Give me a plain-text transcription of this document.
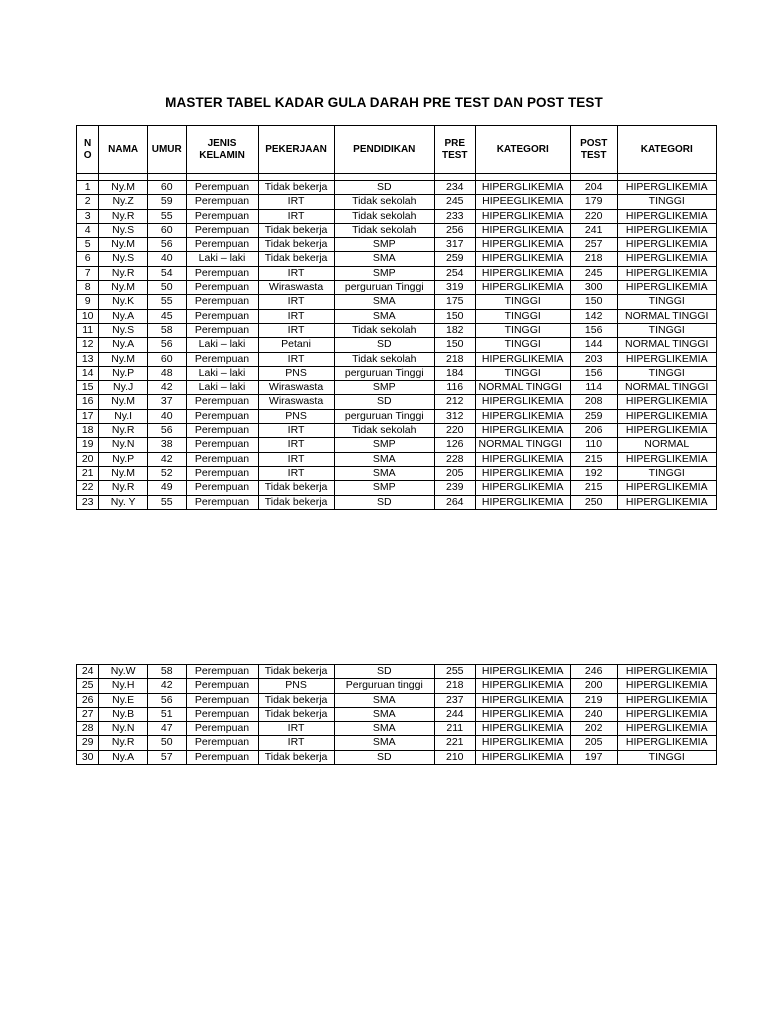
MASTER TABEL KADAR GULA DARAH PRE TEST DAN POST TEST
N O	NAMA	UMUR	JENIS KELAMIN	PEKERJAAN	PENDIDIKAN	PRE TEST	KATEGORI	POST TEST	KATEGORI

1	Ny.M	60	Perempuan	Tidak bekerja	SD	234	HIPERGLIKEMIA	204	HIPERGLIKEMIA
2	Ny.Z	59	Perempuan	IRT	Tidak sekolah	245	HIPEEGLIKEMIA	179	TINGGI
3	Ny.R	55	Perempuan	IRT	Tidak sekolah	233	HIPERGLIKEMIA	220	HIPERGLIKEMIA
4	Ny.S	60	Perempuan	Tidak bekerja	Tidak sekolah	256	HIPERGLIKEMIA	241	HIPERGLIKEMIA
5	Ny.M	56	Perempuan	Tidak bekerja	SMP	317	HIPERGLIKEMIA	257	HIPERGLIKEMIA
6	Ny.S	40	Laki – laki	Tidak bekerja	SMA	259	HIPERGLIKEMIA	218	HIPERGLIKEMIA
7	Ny.R	54	Perempuan	IRT	SMP	254	HIPERGLIKEMIA	245	HIPERGLIKEMIA
8	Ny.M	50	Perempuan	Wiraswasta	perguruan Tinggi	319	HIPERGLIKEMIA	300	HIPERGLIKEMIA
9	Ny.K	55	Perempuan	IRT	SMA	175	TINGGI	150	TINGGI
10	Ny.A	45	Perempuan	IRT	SMA	150	TINGGI	142	NORMAL TINGGI
11	Ny.S	58	Perempuan	IRT	Tidak sekolah	182	TINGGI	156	TINGGI
12	Ny.A	56	Laki – laki	Petani	SD	150	TINGGI	144	NORMAL TINGGI
13	Ny.M	60	Perempuan	IRT	Tidak sekolah	218	HIPERGLIKEMIA	203	HIPERGLIKEMIA
14	Ny.P	48	Laki – laki	PNS	perguruan Tinggi	184	TINGGI	156	TINGGI
15	Ny.J	42	Laki – laki	Wiraswasta	SMP	116	NORMAL TINGGI	114	NORMAL TINGGI
16	Ny.M	37	Perempuan	Wiraswasta	SD	212	HIPERGLIKEMIA	208	HIPERGLIKEMIA
17	Ny.I	40	Perempuan	PNS	perguruan Tinggi	312	HIPERGLIKEMIA	259	HIPERGLIKEMIA
18	Ny.R	56	Perempuan	IRT	Tidak sekolah	220	HIPERGLIKEMIA	206	HIPERGLIKEMIA
19	Ny.N	38	Perempuan	IRT	SMP	126	NORMAL TINGGI	110	NORMAL
20	Ny.P	42	Perempuan	IRT	SMA	228	HIPERGLIKEMIA	215	HIPERGLIKEMIA
21	Ny.M	52	Perempuan	IRT	SMA	205	HIPERGLIKEMIA	192	TINGGI
22	Ny.R	49	Perempuan	Tidak bekerja	SMP	239	HIPERGLIKEMIA	215	HIPERGLIKEMIA
23	Ny. Y	55	Perempuan	Tidak bekerja	SD	264	HIPERGLIKEMIA	250	HIPERGLIKEMIA
24	Ny.W	58	Perempuan	Tidak bekerja	SD	255	HIPERGLIKEMIA	246	HIPERGLIKEMIA
25	Ny.H	42	Perempuan	PNS	Perguruan tinggi	218	HIPERGLIKEMIA	200	HIPERGLIKEMIA
26	Ny.E	56	Perempuan	Tidak bekerja	SMA	237	HIPERGLIKEMIA	219	HIPERGLIKEMIA
27	Ny.B	51	Perempuan	Tidak bekerja	SMA	244	HIPERGLIKEMIA	240	HIPERGLIKEMIA
28	Ny.N	47	Perempuan	IRT	SMA	211	HIPERGLIKEMIA	202	HIPERGLIKEMIA
29	Ny.R	50	Perempuan	IRT	SMA	221	HIPERGLIKEMIA	205	HIPERGLIKEMIA
30	Ny.A	57	Perempuan	Tidak bekerja	SD	210	HIPERGLIKEMIA	197	TINGGI
